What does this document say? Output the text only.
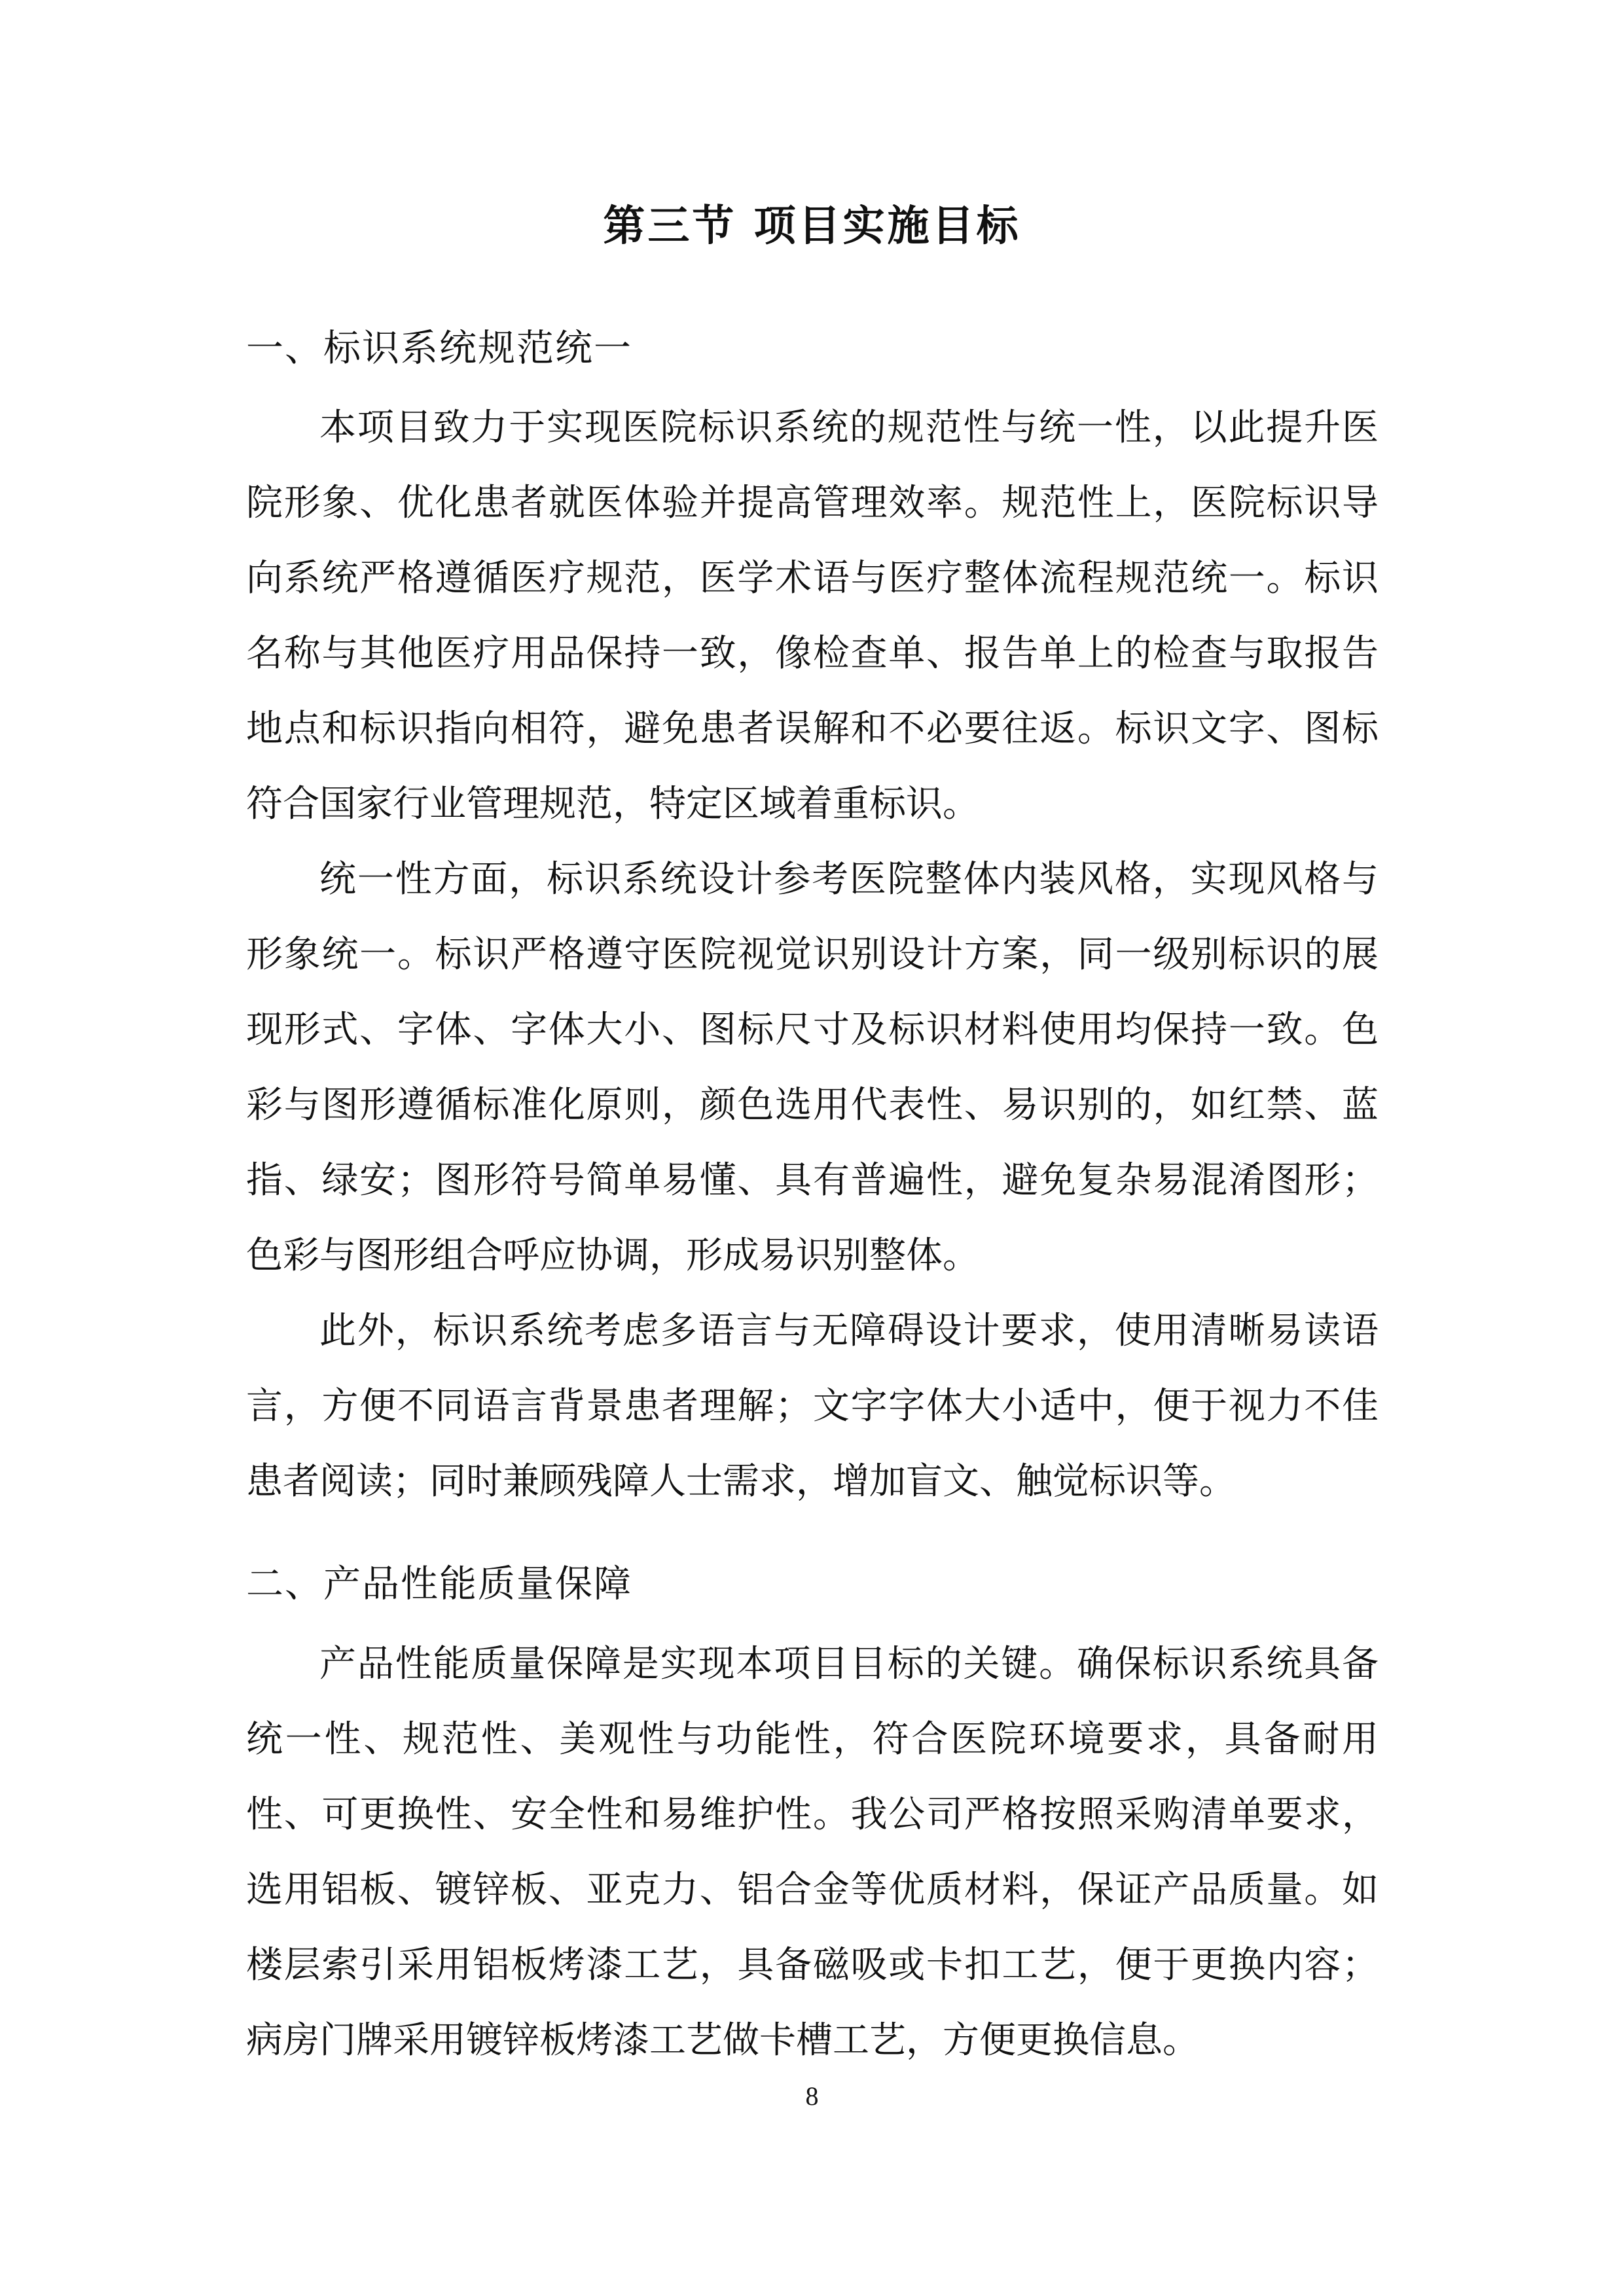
第三节 项目实施目标
一、标识系统规范统一

本项目致力于实现医院标识系统的规范性与统一性，以此提升医院形象、优化患者就医体验并提高管理效率。规范性上，医院标识导向系统严格遵循医疗规范，医学术语与医疗整体流程规范统一。标识名称与其他医疗用品保持一致，像检查单、报告单上的检查与取报告地点和标识指向相符，避免患者误解和不必要往返。标识文字、图标符合国家行业管理规范，特定区域着重标识。

统一性方面，标识系统设计参考医院整体内装风格，实现风格与形象统一。标识严格遵守医院视觉识别设计方案，同一级别标识的展现形式、字体、字体大小、图标尺寸及标识材料使用均保持一致。色彩与图形遵循标准化原则，颜色选用代表性、易识别的，如红禁、蓝指、绿安；图形符号简单易懂、具有普遍性，避免复杂易混淆图形；色彩与图形组合呼应协调，形成易识别整体。

此外，标识系统考虑多语言与无障碍设计要求，使用清晰易读语言，方便不同语言背景患者理解；文字字体大小适中，便于视力不佳患者阅读；同时兼顾残障人士需求，增加盲文、触觉标识等。

二、产品性能质量保障

产品性能质量保障是实现本项目目标的关键。确保标识系统具备统一性、规范性、美观性与功能性，符合医院环境要求，具备耐用性、可更换性、安全性和易维护性。我公司严格按照采购清单要求，选用铝板、镀锌板、亚克力、铝合金等优质材料，保证产品质量。如楼层索引采用铝板烤漆工艺，具备磁吸或卡扣工艺，便于更换内容；病房门牌采用镀锌板烤漆工艺做卡槽工艺，方便更换信息。

8
